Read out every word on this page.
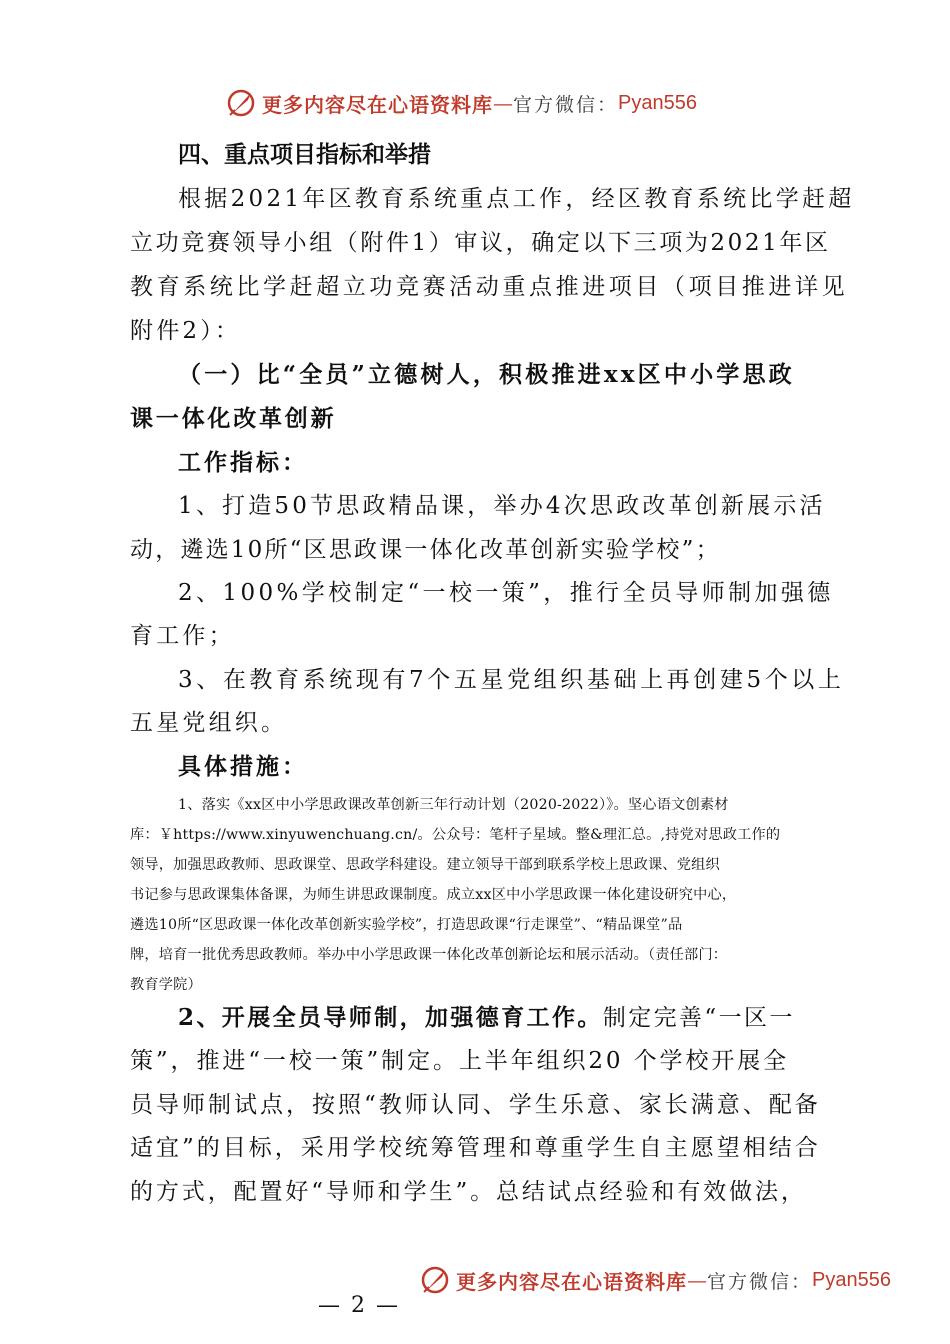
更多内容尽在心语资料库 — 官方微信： Pyan556
四、重点项目指标和举措
根据2021年区教育系统重点工作，经区教育系统比学赶超
立功竞赛领导小组（附件1）审议，确定以下三项为2021年区
教育系统比学赶超立功竞赛活动重点推进项目（项目推进详见
附件2）：
（一）比“全员”立德树人，积极推进xx区中小学思政
课一体化改革创新
工作指标：
1、打造50节思政精品课，举办4次思政改革创新展示活
动，遴选10所“区思政课一体化改革创新实验学校”；
2、100%学校制定“一校一策”，推行全员导师制加强德
育工作；
3、在教育系统现有7个五星党组织基础上再创建5个以上
五星党组织。
具体措施：
1、落实《xx区中小学思政课改革创新三年行动计划（2020-2022）》。坚心语文创素材
库：￥https://www.xinyuwenchuang.cn/。公众号：笔杆子星域。整&理汇总。,持党对思政工作的
领导，加强思政教师、思政课堂、思政学科建设。建立领导干部到联系学校上思政课、党组织
书记参与思政课集体备课，为师生讲思政课制度。成立xx区中小学思政课一体化建设研究中心，
遴选10所“区思政课一体化改革创新实验学校”，打造思政课“行走课堂”、“精品课堂”品
牌，培育一批优秀思政教师。举办中小学思政课一体化改革创新论坛和展示活动。（责任部门：
教育学院）
2、开展全员导师制，加强德育工作。制定完善“一区一
策”，推进“一校一策”制定。上半年组织20 个学校开展全
员导师制试点，按照“教师认同、学生乐意、家长满意、配备
适宜”的目标，采用学校统筹管理和尊重学生自主愿望相结合
的方式，配置好“导师和学生”。总结试点经验和有效做法，
更多内容尽在心语资料库 — 官方微信： Pyan556
— 2 —
